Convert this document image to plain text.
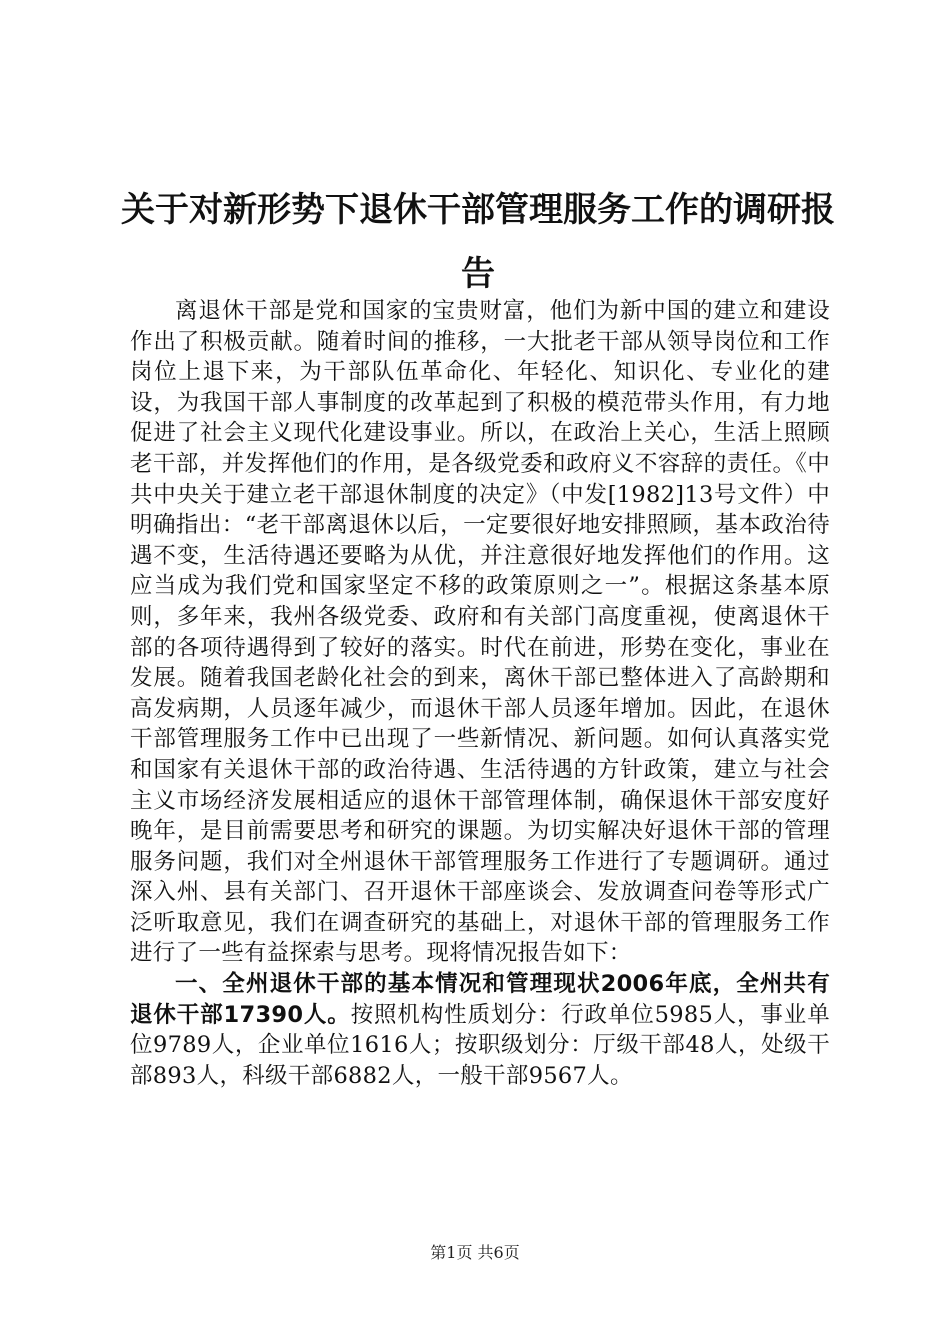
关于对新形势下退休干部管理服务工作的调研报告

离退休干部是党和国家的宝贵财富，他们为新中国的建立和建设作出了积极贡献。随着时间的推移，一大批老干部从领导岗位和工作岗位上退下来，为干部队伍革命化、年轻化、知识化、专业化的建设，为我国干部人事制度的改革起到了积极的模范带头作用，有力地促进了社会主义现代化建设事业。所以，在政治上关心，生活上照顾老干部，并发挥他们的作用，是各级党委和政府义不容辞的责任。《中共中央关于建立老干部退休制度的决定》（中发[1982]13号文件）中明确指出：“老干部离退休以后，一定要很好地安排照顾，基本政治待遇不变，生活待遇还要略为从优，并注意很好地发挥他们的作用。这应当成为我们党和国家坚定不移的政策原则之一”。根据这条基本原则，多年来，我州各级党委、政府和有关部门高度重视，使离退休干部的各项待遇得到了较好的落实。时代在前进，形势在变化，事业在发展。随着我国老龄化社会的到来，离休干部已整体进入了高龄期和高发病期，人员逐年减少，而退休干部人员逐年增加。因此，在退休干部管理服务工作中已出现了一些新情况、新问题。如何认真落实党和国家有关退休干部的政治待遇、生活待遇的方针政策，建立与社会主义市场经济发展相适应的退休干部管理体制，确保退休干部安度好晚年，是目前需要思考和研究的课题。为切实解决好退休干部的管理服务问题，我们对全州退休干部管理服务工作进行了专题调研。通过深入州、县有关部门、召开退休干部座谈会、发放调查问卷等形式广泛听取意见，我们在调查研究的基础上，对退休干部的管理服务工作进行了一些有益探索与思考。现将情况报告如下：

一、全州退休干部的基本情况和管理现状2006年底，全州共有退休干部17390人。按照机构性质划分：行政单位5985人，事业单位9789人，企业单位1616人；按职级划分：厅级干部48人，处级干部893人，科级干部6882人，一般干部9567人。

第1页 共6页
